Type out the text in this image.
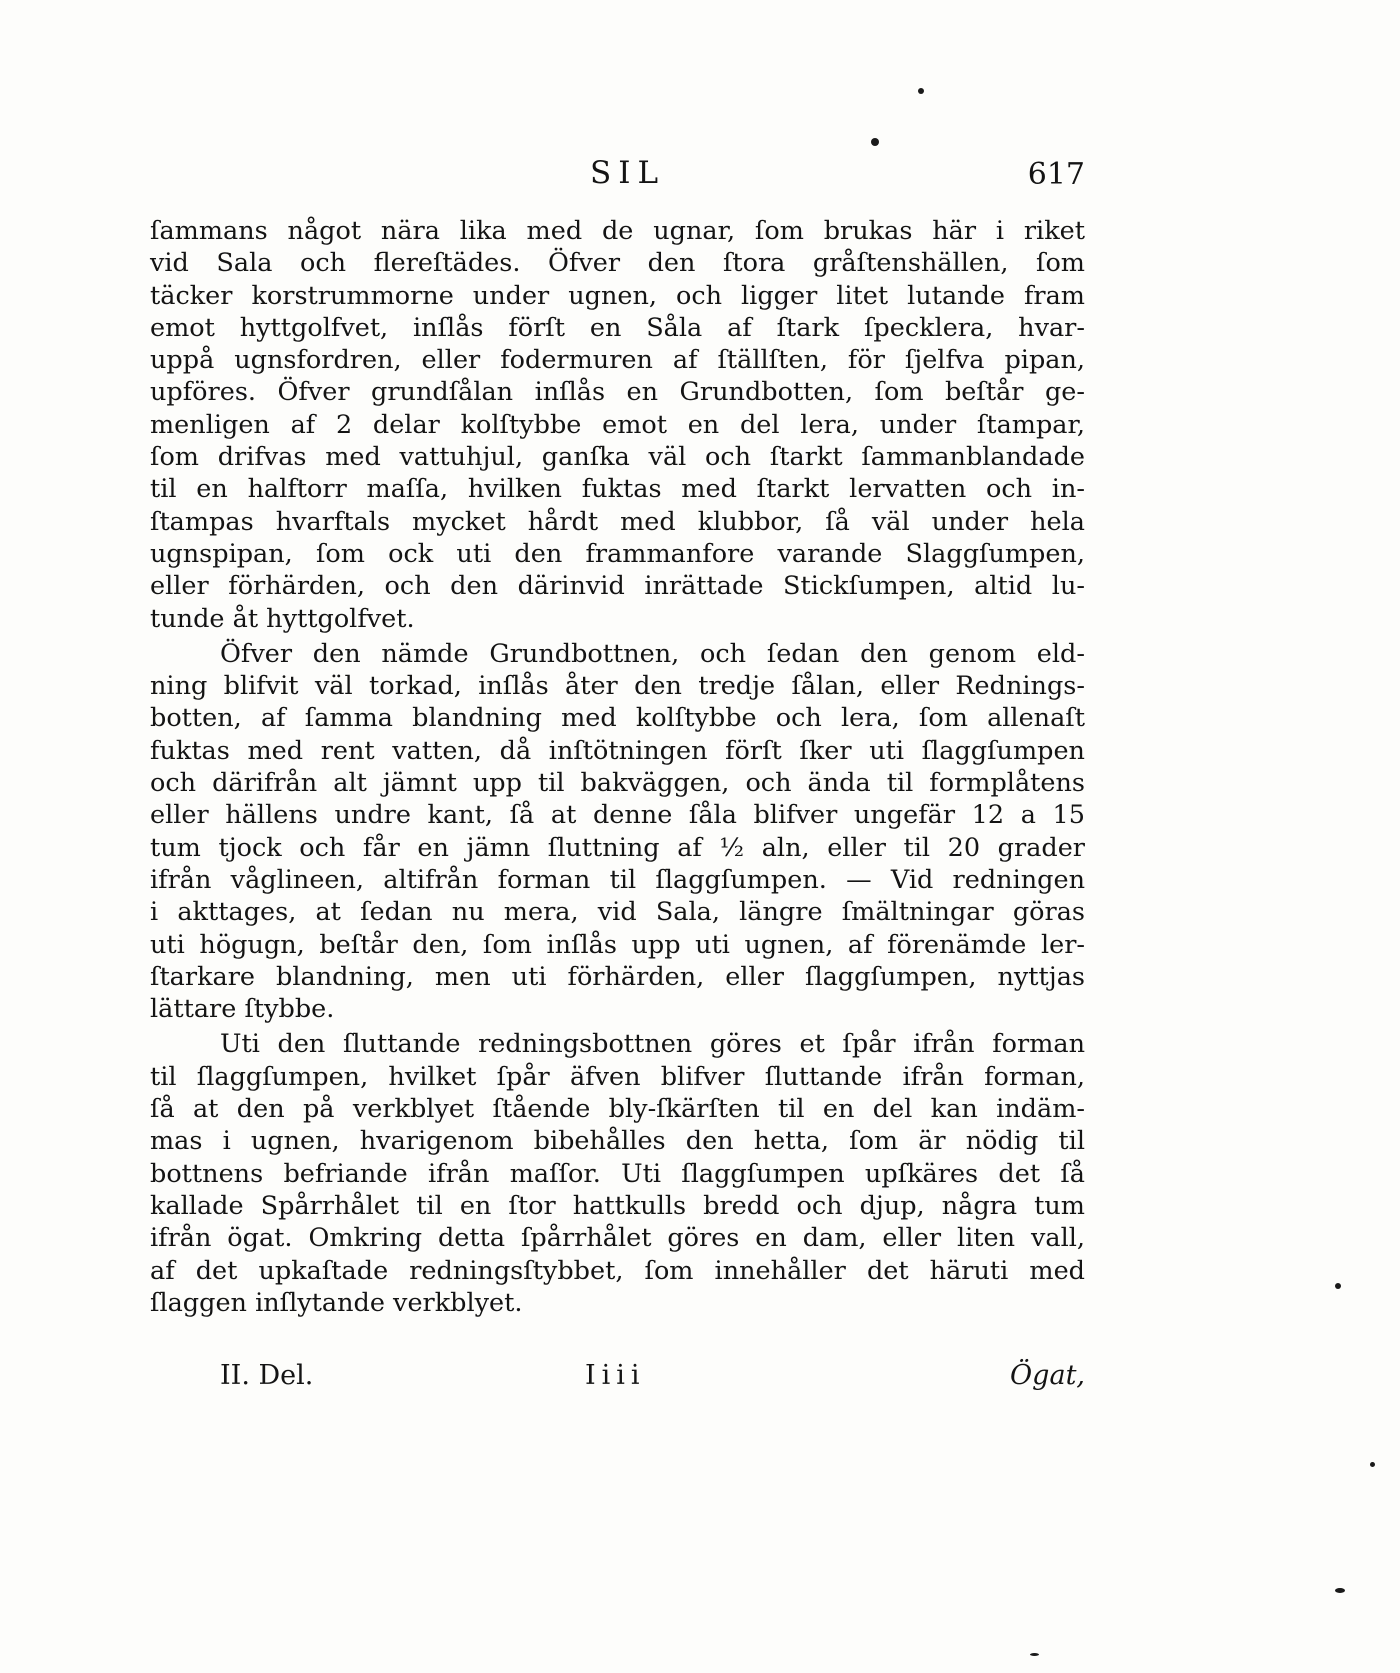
SIL	617
ſammans något nära lika med de ugnar, ſom brukas här i riket
vid Sala och flereſtädes. Öfver den ſtora gråſtenshällen, ſom
täcker korstrummorne under ugnen, och ligger litet lutande fram
emot hyttgolfvet, inſlås förſt en Såla af ſtark ſpecklera, hvar-
uppå ugnsfordren, eller fodermuren af ſtällſten, för ſjelfva pipan,
upföres. Öfver grundſålan inſlås en Grundbotten, ſom beſtår ge-
menligen af 2 delar kolſtybbe emot en del lera, under ſtampar,
ſom drifvas med vattuhjul, ganſka väl och ſtarkt ſammanblandade
til en halftorr maſſa, hvilken fuktas med ſtarkt lervatten och in-
ſtampas hvarftals mycket hårdt med klubbor, ſå väl under hela
ugnspipan, ſom ock uti den frammanfore varande Slaggſumpen,
eller förhärden, och den därinvid inrättade Stickſumpen, altid lu-
tunde åt hyttgolfvet.
Öfver den nämde Grundbottnen, och ſedan den genom eld-
ning blifvit väl torkad, inſlås åter den tredje ſålan, eller Rednings-
botten, af ſamma blandning med kolſtybbe och lera, ſom allenaſt
fuktas med rent vatten, då inſtötningen förſt ſker uti ſlaggſumpen
och därifrån alt jämnt upp til bakväggen, och ända til formplåtens
eller hällens undre kant, ſå at denne ſåla blifver ungefär 12 a 15
tum tjock och får en jämn ſluttning af ½ aln, eller til 20 grader
ifrån våglineen, altifrån forman til ſlaggſumpen. — Vid redningen
i akttages, at ſedan nu mera, vid Sala, längre ſmältningar göras
uti högugn, beſtår den, ſom inſlås upp uti ugnen, af förenämde ler-
ſtarkare blandning, men uti förhärden, eller ſlaggſumpen, nyttjas
lättare ſtybbe.
Uti den ſluttande redningsbottnen göres et ſpår ifrån forman
til ſlaggſumpen, hvilket ſpår äfven blifver ſluttande ifrån forman,
ſå at den på verkblyet ſtående bly-ſkärſten til en del kan indäm-
mas i ugnen, hvarigenom bibehålles den hetta, ſom är nödig til
bottnens befriande ifrån maſſor. Uti ſlaggſumpen upſkäres det ſå
kallade Spårrhålet til en ſtor hattkulls bredd och djup, några tum
ifrån ögat. Omkring detta ſpårrhålet göres en dam, eller liten vall,
af det upkaſtade redningsſtybbet, ſom innehåller det häruti med
ſlaggen inſlytande verkblyet.
II. Del.	Iiii	Ögat,
